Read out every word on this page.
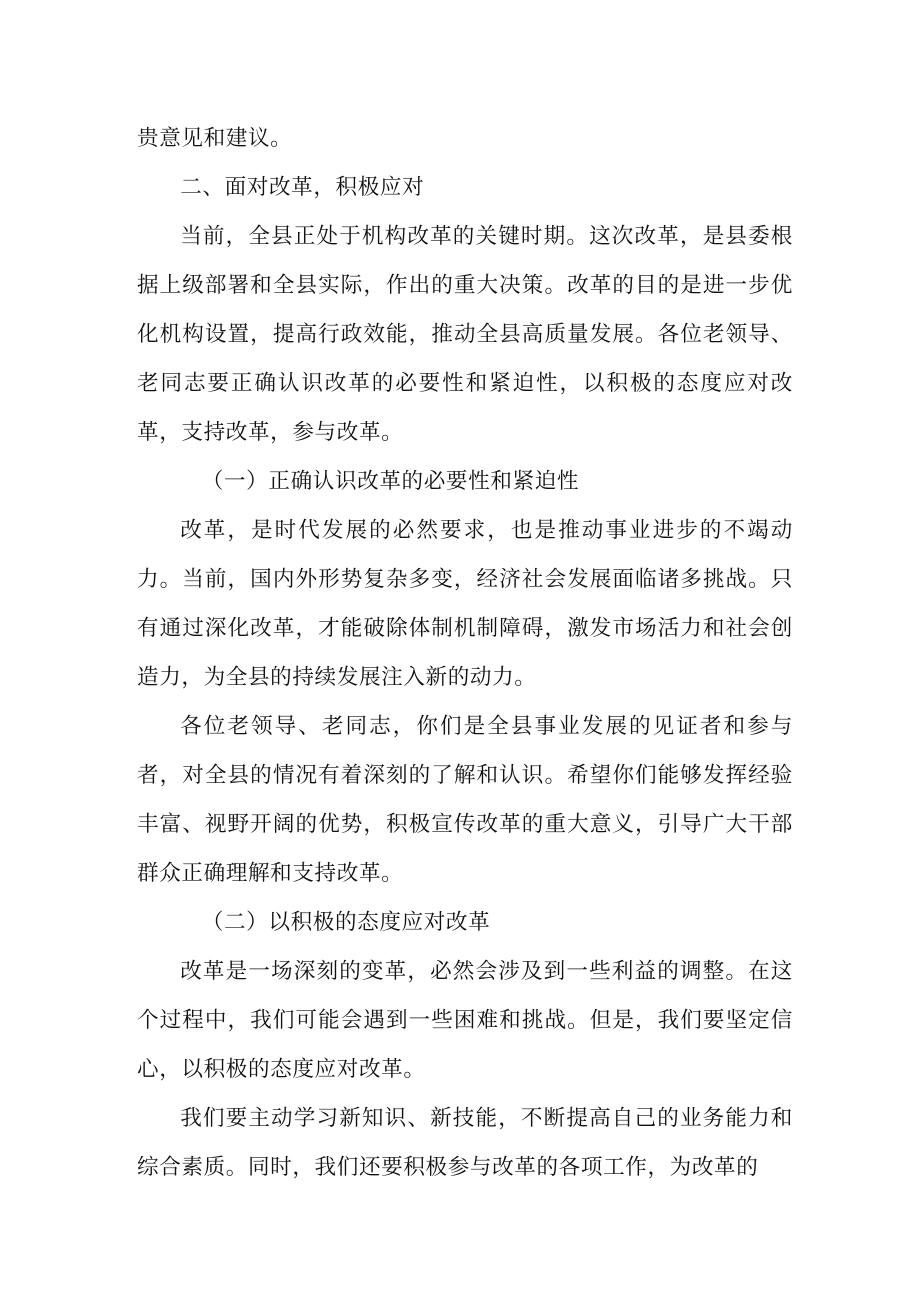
贵意见和建议。

二、面对改革，积极应对

当前，全县正处于机构改革的关键时期。这次改革，是县委根据上级部署和全县实际，作出的重大决策。改革的目的是进一步优化机构设置，提高行政效能，推动全县高质量发展。各位老领导、老同志要正确认识改革的必要性和紧迫性，以积极的态度应对改革，支持改革，参与改革。

（一）正确认识改革的必要性和紧迫性

改革，是时代发展的必然要求，也是推动事业进步的不竭动力。当前，国内外形势复杂多变，经济社会发展面临诸多挑战。只有通过深化改革，才能破除体制机制障碍，激发市场活力和社会创造力，为全县的持续发展注入新的动力。

各位老领导、老同志，你们是全县事业发展的见证者和参与者，对全县的情况有着深刻的了解和认识。希望你们能够发挥经验丰富、视野开阔的优势，积极宣传改革的重大意义，引导广大干部群众正确理解和支持改革。

（二）以积极的态度应对改革

改革是一场深刻的变革，必然会涉及到一些利益的调整。在这个过程中，我们可能会遇到一些困难和挑战。但是，我们要坚定信心，以积极的态度应对改革。

我们要主动学习新知识、新技能，不断提高自己的业务能力和综合素质。同时，我们还要积极参与改革的各项工作，为改革的
